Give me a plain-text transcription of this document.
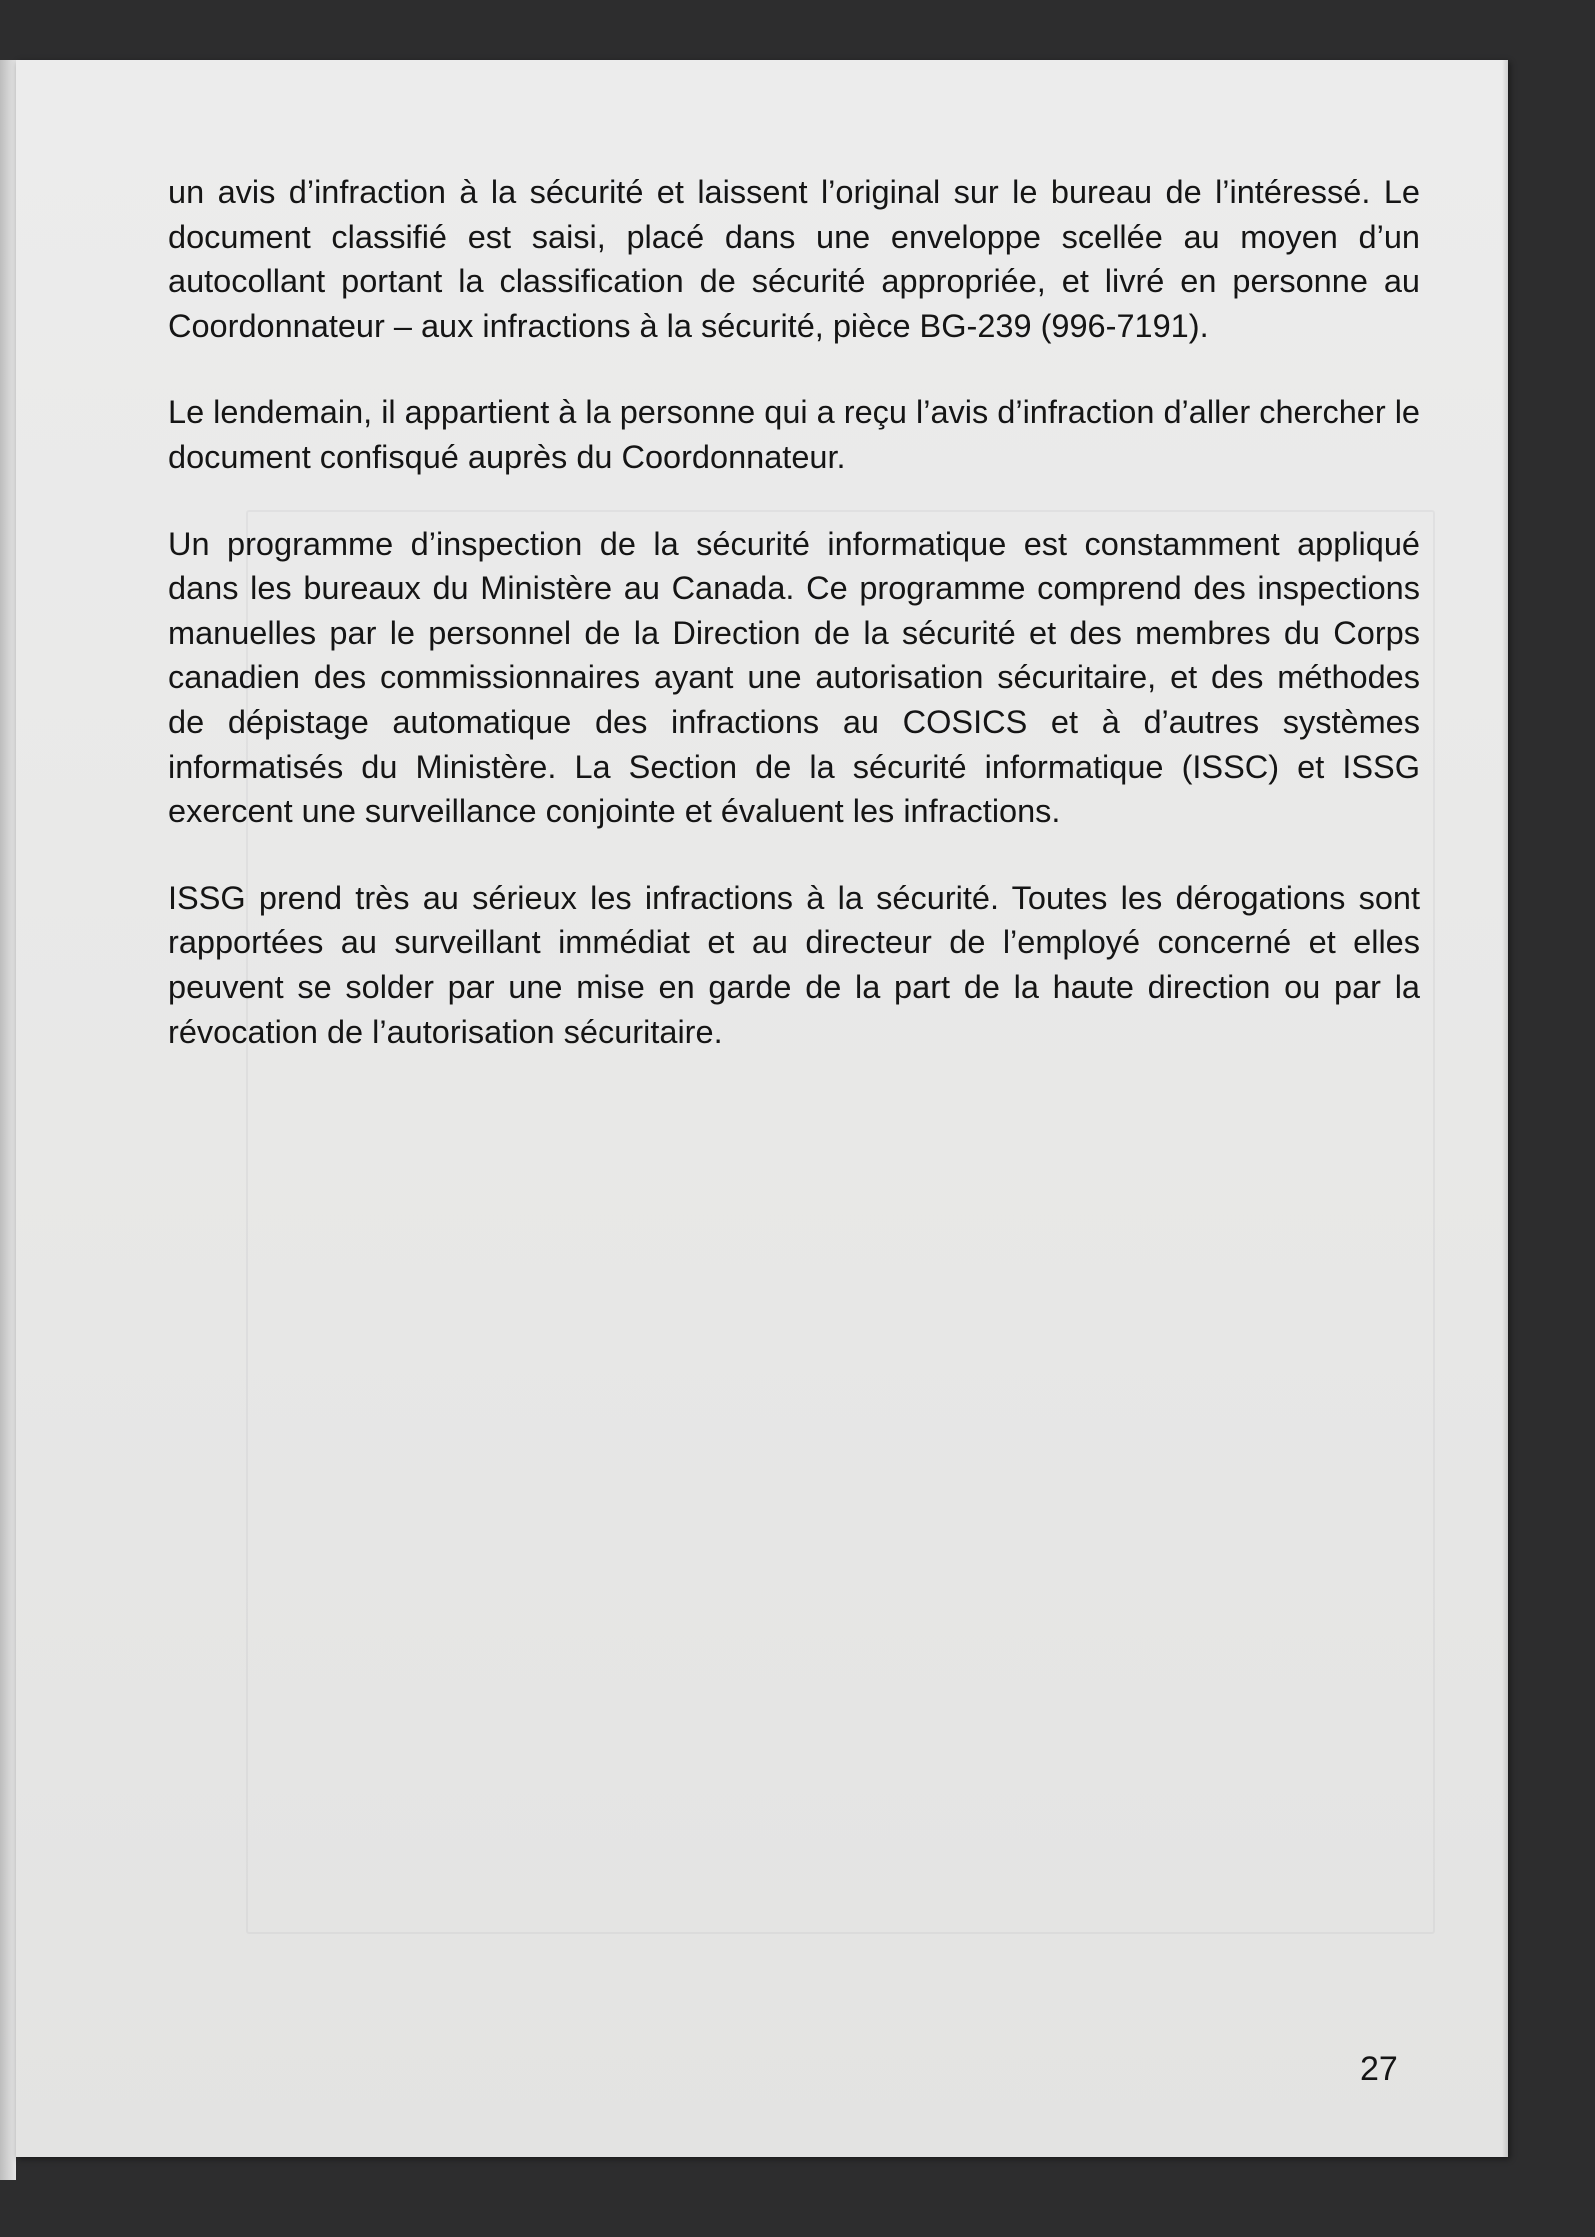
un avis d’infraction à la sécurité et laissent l’original sur le bureau de l’intéressé. Le document classifié est saisi, placé dans une enveloppe scellée au moyen d’un autocollant portant la classification de sécurité appropriée, et livré en personne au Coordonnateur – aux infractions à la sécurité, pièce BG-239 (996-7191).

Le lendemain, il appartient à la personne qui a reçu l’avis d’infraction d’aller chercher le document confisqué auprès du Coordonnateur.

Un programme d’inspection de la sécurité informatique est constamment appliqué dans les bureaux du Ministère au Canada. Ce programme comprend des inspections manuelles par le personnel de la Direction de la sécurité et des membres du Corps canadien des commissionnaires ayant une autorisation sécuritaire, et des méthodes de dépistage automatique des infractions au COSICS et à d’autres systèmes informatisés du Ministère. La Section de la sécurité informatique (ISSC) et ISSG exercent une surveillance conjointe et évaluent les infractions.

ISSG prend très au sérieux les infractions à la sécurité. Toutes les dérogations sont rapportées au surveillant immédiat et au directeur de l’employé concerné et elles peuvent se solder par une mise en garde de la part de la haute direction ou par la révocation de l’autorisation sécuritaire.

27
